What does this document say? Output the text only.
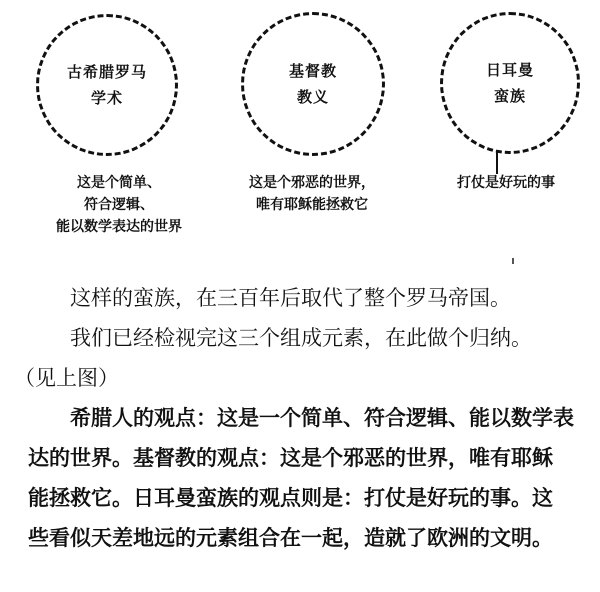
古希腊罗马
学术
基督教
教义
日耳曼
蛮族
这是个简单、
符合逻辑、
能以数学表达的世界
这是个邪恶的世界，
唯有耶稣能拯救它
打仗是好玩的事
这样的蛮族，在三百年后取代了整个罗马帝国。
我们已经检视完这三个组成元素，在此做个归纳。
（见上图）
希腊人的观点：这是一个简单、符合逻辑、能以数学表
达的世界。基督教的观点：这是个邪恶的世界，唯有耶稣
能拯救它。日耳曼蛮族的观点则是：打仗是好玩的事。这
些看似天差地远的元素组合在一起，造就了欧洲的文明。
